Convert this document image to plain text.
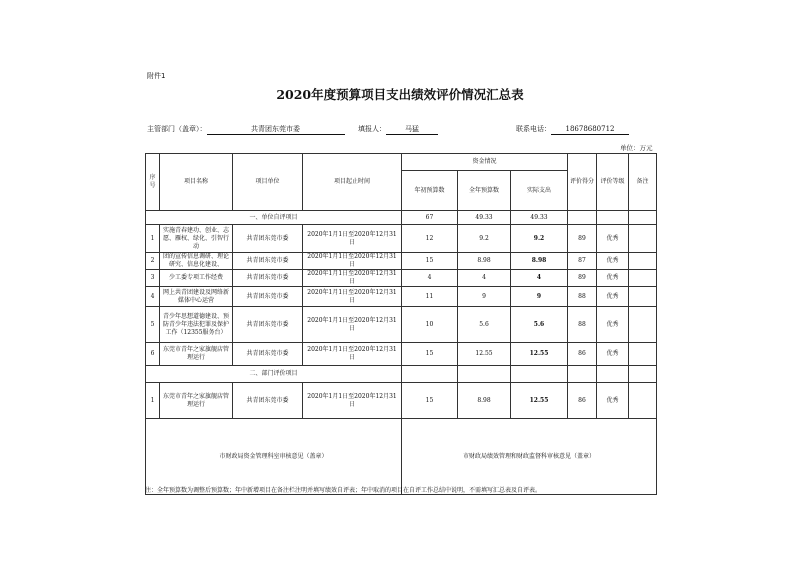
附件1
2020年度预算项目支出绩效评价情况汇总表
主管部门（盖章）：	共青团东莞市委	填报人：	马猛	联系电话： 18678680712
单位：万元
序号	项目名称	项目单位	项目起止时间	资金情况			评价得分	评价等级	备注
				年初预算数	全年预算数	实际支出			
一、单位自评项目				67	49.33	49.33			
1	实施青春建功、创业、志愿、雁权、绿化、引智行动	共青团东莞市委	2020年1月1日至2020年12月31日	12	9.2	9.2	89	优秀	
2	团的宣传信息调研、理论研究、信息化建设、	共青团东莞市委	2020年1月1日至2020年12月31日	15	8.98	8.98	87	优秀	
3	少工委专项工作经费	共青团东莞市委	2020年1月1日至2020年12月31日	4	4	4	89	优秀	
4	网上共青团建设及网络新媒体中心运营	共青团东莞市委	2020年1月1日至2020年12月31日	11	9	9	88	优秀	
5	青少年思想道德建设、预防青少年违法犯罪及保护工作（12355服务台）	共青团东莞市委	2020年1月1日至2020年12月31日	10	5.6	5.6	88	优秀	
6	东莞市青年之家旗舰店管理运行	共青团东莞市委	2020年1月1日至2020年12月31日	15	12.55	12.55	86	优秀	
二、部门评价项目									
1	东莞市青年之家旗舰店管理运行	共青团东莞市委	2020年1月1日至2020年12月31日	15	8.98	12.55	86	优秀	
市财政局资金管理科室审核意见（盖章）				市财政局绩效管理和财政监督科审核意见（盖章）					
注：全年预算数为调整后预算数；年中新增项目在备注栏注明并填写绩效自评表；年中取消的项目在自评工作总结中说明，不需填写汇总表及自评表。
